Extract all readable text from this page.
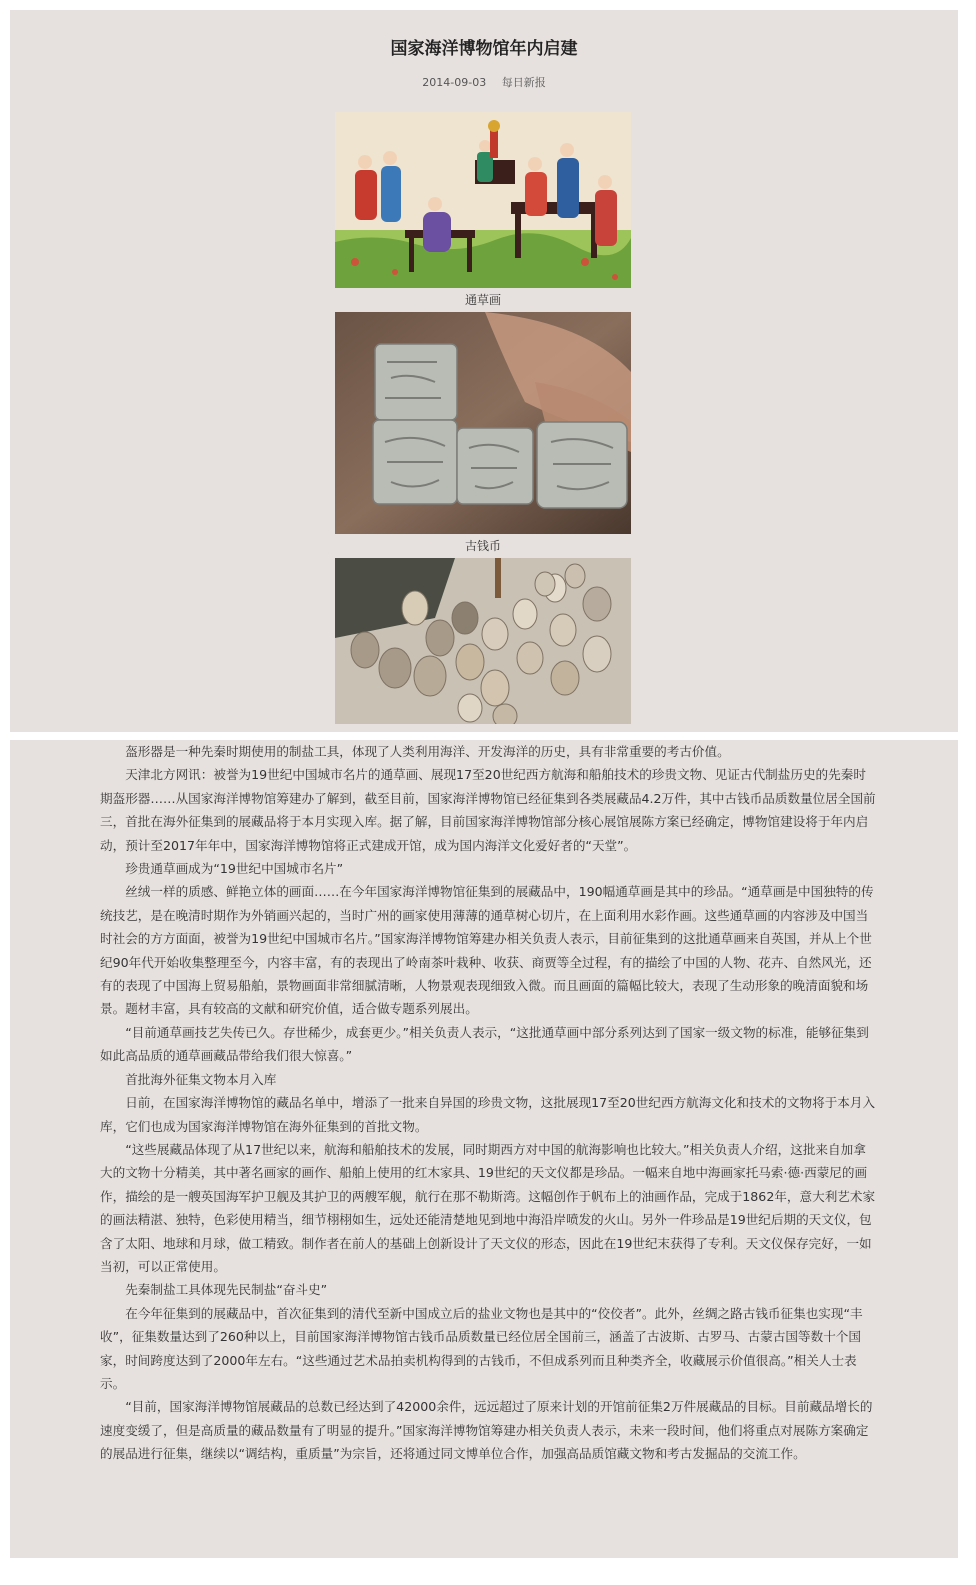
国家海洋博物馆年内启建
2014-09-03 每日新报
通草画
古钱币

盔形器是一种先秦时期使用的制盐工具，体现了人类利用海洋、开发海洋的历史，具有非常重要的考古价值。

天津北方网讯：被誉为19世纪中国城市名片的通草画、展现17至20世纪西方航海和船舶技术的珍贵文物、见证古代制盐历史的先秦时期盔形器……从国家海洋博物馆筹建办了解到，截至目前，国家海洋博物馆已经征集到各类展藏品4.2万件，其中古钱币品质数量位居全国前三，首批在海外征集到的展藏品将于本月实现入库。据了解，目前国家海洋博物馆部分核心展馆展陈方案已经确定，博物馆建设将于年内启动，预计至2017年年中，国家海洋博物馆将正式建成开馆，成为国内海洋文化爱好者的“天堂”。

珍贵通草画成为“19世纪中国城市名片”

丝绒一样的质感、鲜艳立体的画面……在今年国家海洋博物馆征集到的展藏品中，190幅通草画是其中的珍品。“通草画是中国独特的传统技艺，是在晚清时期作为外销画兴起的，当时广州的画家使用薄薄的通草树心切片，在上面利用水彩作画。这些通草画的内容涉及中国当时社会的方方面面，被誉为19世纪中国城市名片。”国家海洋博物馆筹建办相关负责人表示，目前征集到的这批通草画来自英国，并从上个世纪90年代开始收集整理至今，内容丰富，有的表现出了岭南茶叶栽种、收获、商贾等全过程，有的描绘了中国的人物、花卉、自然风光，还有的表现了中国海上贸易船舶，景物画面非常细腻清晰，人物景观表现细致入微。而且画面的篇幅比较大，表现了生动形象的晚清面貌和场景。题材丰富，具有较高的文献和研究价值，适合做专题系列展出。

“目前通草画技艺失传已久。存世稀少，成套更少。”相关负责人表示，“这批通草画中部分系列达到了国家一级文物的标准，能够征集到如此高品质的通草画藏品带给我们很大惊喜。”

首批海外征集文物本月入库

日前，在国家海洋博物馆的藏品名单中，增添了一批来自异国的珍贵文物，这批展现17至20世纪西方航海文化和技术的文物将于本月入库，它们也成为国家海洋博物馆在海外征集到的首批文物。

“这些展藏品体现了从17世纪以来，航海和船舶技术的发展，同时期西方对中国的航海影响也比较大。”相关负责人介绍，这批来自加拿大的文物十分精美，其中著名画家的画作、船舶上使用的红木家具、19世纪的天文仪都是珍品。一幅来自地中海画家托马索·德·西蒙尼的画作，描绘的是一艘英国海军护卫舰及其护卫的两艘军舰，航行在那不勒斯湾。这幅创作于帆布上的油画作品，完成于1862年，意大利艺术家的画法精湛、独特，色彩使用精当，细节栩栩如生，远处还能清楚地见到地中海沿岸喷发的火山。另外一件珍品是19世纪后期的天文仪，包含了太阳、地球和月球，做工精致。制作者在前人的基础上创新设计了天文仪的形态，因此在19世纪末获得了专利。天文仪保存完好，一如当初，可以正常使用。

先秦制盐工具体现先民制盐“奋斗史”

在今年征集到的展藏品中，首次征集到的清代至新中国成立后的盐业文物也是其中的“佼佼者”。此外，丝绸之路古钱币征集也实现“丰收”，征集数量达到了260种以上，目前国家海洋博物馆古钱币品质数量已经位居全国前三，涵盖了古波斯、古罗马、古蒙古国等数十个国家，时间跨度达到了2000年左右。“这些通过艺术品拍卖机构得到的古钱币，不但成系列而且种类齐全，收藏展示价值很高。”相关人士表示。

“目前，国家海洋博物馆展藏品的总数已经达到了42000余件，远远超过了原来计划的开馆前征集2万件展藏品的目标。目前藏品增长的速度变缓了，但是高质量的藏品数量有了明显的提升。”国家海洋博物馆筹建办相关负责人表示，未来一段时间，他们将重点对展陈方案确定的展品进行征集，继续以“调结构，重质量”为宗旨，还将通过同文博单位合作，加强高品质馆藏文物和考古发掘品的交流工作。
